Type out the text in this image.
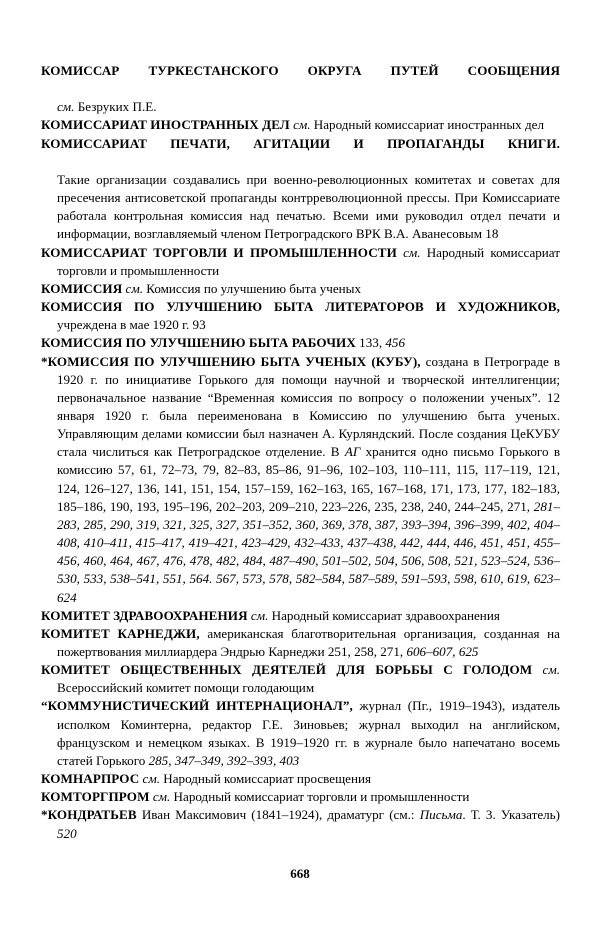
КОМИССАР ТУРКЕСТАНСКОГО ОКРУГА ПУТЕЙ СООБЩЕНИЯсм. Безруких П.Е.

КОМИССАРИАТ ИНОСТРАННЫХ ДЕЛ см. Народный комиссариат иностранных дел

КОМИССАРИАТ ПЕЧАТИ, АГИТАЦИИ И ПРОПАГАНДЫ КНИГИ. Такие организации создавались при военно-революционных комитетах и советах для пресечения антисоветской пропаганды контрреволюционной прессы. При Комиссариате работала контрольная комиссия над печатью. Всеми ими руководил отдел печати и информации, возглавляемый членом Петроградского ВРК В.А. Аванесовым 18

КОМИССАРИАТ ТОРГОВЛИ И ПРОМЫШЛЕННОСТИ см. Народный комиссариат торговли и промышленности

КОМИССИЯ см. Комиссия по улучшению быта ученых

КОМИССИЯ ПО УЛУЧШЕНИЮ БЫТА ЛИТЕРАТОРОВ И ХУДОЖНИКОВ, учреждена в мае 1920 г. 93

КОМИССИЯ ПО УЛУЧШЕНИЮ БЫТА РАБОЧИХ 133, 456

*КОМИССИЯ ПО УЛУЧШЕНИЮ БЫТА УЧЕНЫХ (КУБУ), создана в Петрограде в 1920 г. по инициативе Горького для помощи научной и творческой интеллигенции; первоначальное название “Временная комиссия по вопросу о положении ученых”. 12 января 1920 г. была переименована в Комиссию по улучшению быта ученых. Управляющим делами комиссии был назначен А. Курляндский. После создания ЦеКУБУ стала числиться как Петроградское отделение. В АГ хранится одно письмо Горького в комиссию 57, 61, 72–73, 79, 82–83, 85–86, 91–96, 102–103, 110–111, 115, 117–119, 121, 124, 126–127, 136, 141, 151, 154, 157–159, 162–163, 165, 167–168, 171, 173, 177, 182–183, 185–186, 190, 193, 195–196, 202–203, 209–210, 223–226, 235, 238, 240, 244–245, 271, 281–283, 285, 290, 319, 321, 325, 327, 351–352, 360, 369, 378, 387, 393–394, 396–399, 402, 404–408, 410–411, 415–417, 419–421, 423–429, 432–433, 437–438, 442, 444, 446, 451, 451, 455–456, 460, 464, 467, 476, 478, 482, 484, 487–490, 501–502, 504, 506, 508, 521, 523–524, 536–530, 533, 538–541, 551, 564. 567, 573, 578, 582–584, 587–589, 591–593, 598, 610, 619, 623–624

КОМИТЕТ ЗДРАВООХРАНЕНИЯ см. Народный комиссариат здравоохранения

КОМИТЕТ КАРНЕДЖИ, американская благотворительная организация, созданная на пожертвования миллиардера Эндрью Карнеджи 251, 258, 271, 606–607, 625

КОМИТЕТ ОБЩЕСТВЕННЫХ ДЕЯТЕЛЕЙ ДЛЯ БОРЬБЫ С ГОЛОДОМ см. Всероссийский комитет помощи голодающим

“КОММУНИСТИЧЕСКИЙ ИНТЕРНАЦИОНАЛ”, журнал (Пг., 1919–1943), издатель исполком Коминтерна, редактор Г.Е. Зиновьев; журнал выходил на английском, французском и немецком языках. В 1919–1920 гг. в журнале было напечатано восемь статей Горького 285, 347–349, 392–393, 403

КОМНАРПРОС см. Народный комиссариат просвещения

КОМТОРГПРОМ см. Народный комиссариат торговли и промышленности

*КОНДРАТЬЕВ Иван Максимович (1841–1924), драматург (см.: Письма. Т. 3. Указатель) 520

668
